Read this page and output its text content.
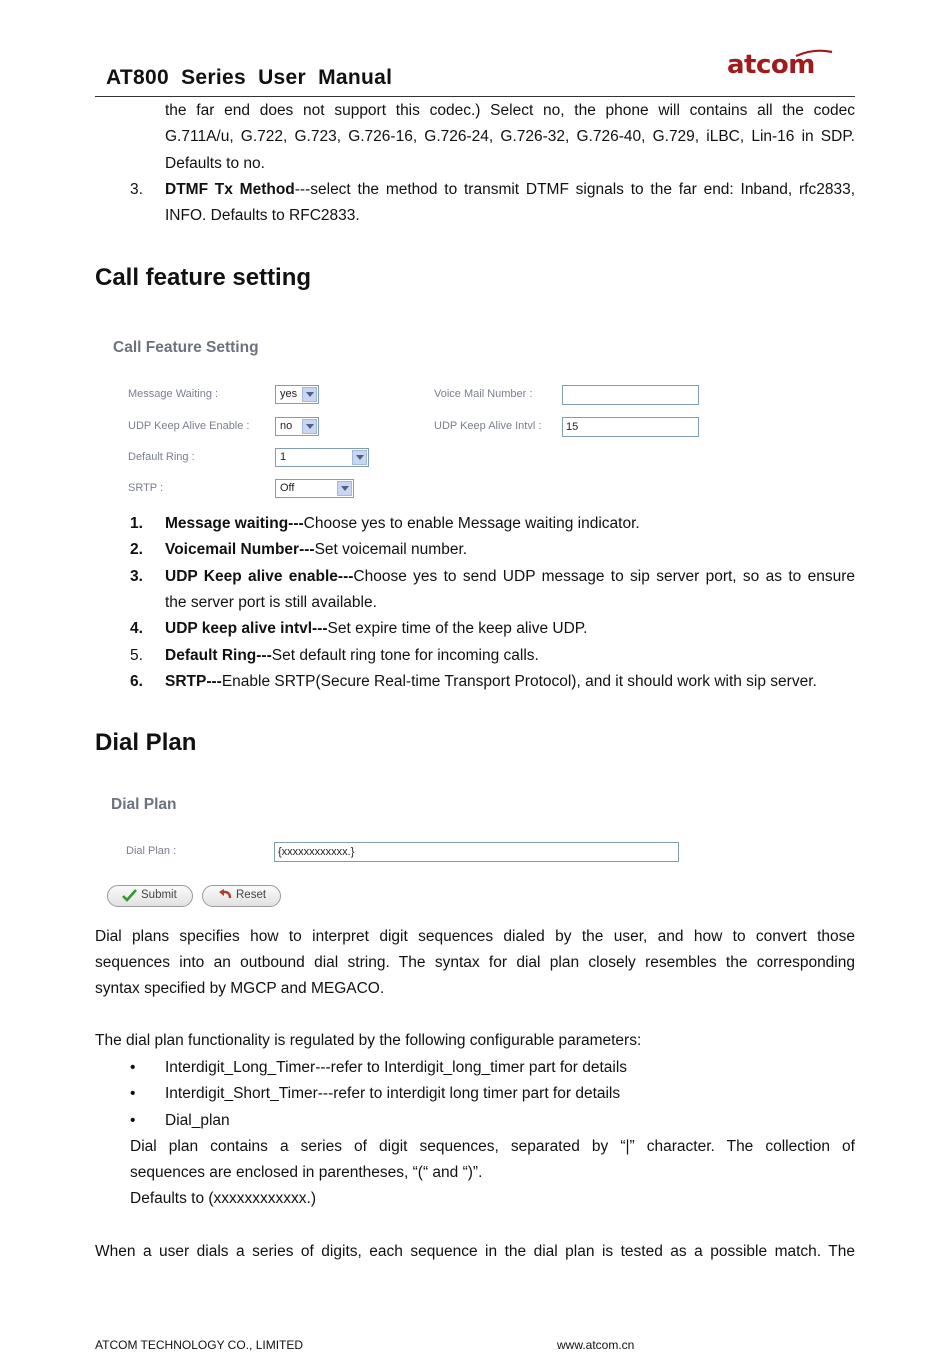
AT800 Series User Manual	atcom
the far end does not support this codec.) Select no, the phone will contains all the codec
G.711A/u, G.722, G.723, G.726-16, G.726-24, G.726-32, G.726-40, G.729, iLBC, Lin-16 in SDP.
Defaults to no.
3. DTMF Tx Method---select the method to transmit DTMF signals to the far end: Inband, rfc2833,
INFO. Defaults to RFC2833.
Call feature setting
Call Feature Setting
Message Waiting :	yes	Voice Mail Number :
UDP Keep Alive Enable :	no	UDP Keep Alive Intvl : 15
Default Ring :	1
SRTP :	Off
1. Message waiting---Choose yes to enable Message waiting indicator.
2. Voicemail Number---Set voicemail number.
3. UDP Keep alive enable---Choose yes to send UDP message to sip server port, so as to ensure
the server port is still available.
4. UDP keep alive intvl---Set expire time of the keep alive UDP.
5. Default Ring---Set default ring tone for incoming calls.
6. SRTP---Enable SRTP(Secure Real-time Transport Protocol), and it should work with sip server.
Dial Plan
Dial Plan
Dial Plan :	{xxxxxxxxxxxx.}
Submit	Reset
Dial plans specifies how to interpret digit sequences dialed by the user, and how to convert those
sequences into an outbound dial string. The syntax for dial plan closely resembles the corresponding
syntax specified by MGCP and MEGACO.
The dial plan functionality is regulated by the following configurable parameters:
• Interdigit_Long_Timer---refer to Interdigit_long_timer part for details
• Interdigit_Short_Timer---refer to interdigit long timer part for details
• Dial_plan
Dial plan contains a series of digit sequences, separated by “|” character. The collection of
sequences are enclosed in parentheses, “(“ and “)”.
Defaults to (xxxxxxxxxxxx.)
When a user dials a series of digits, each sequence in the dial plan is tested as a possible match. The
ATCOM TECHNOLOGY CO., LIMITED	www.atcom.cn
